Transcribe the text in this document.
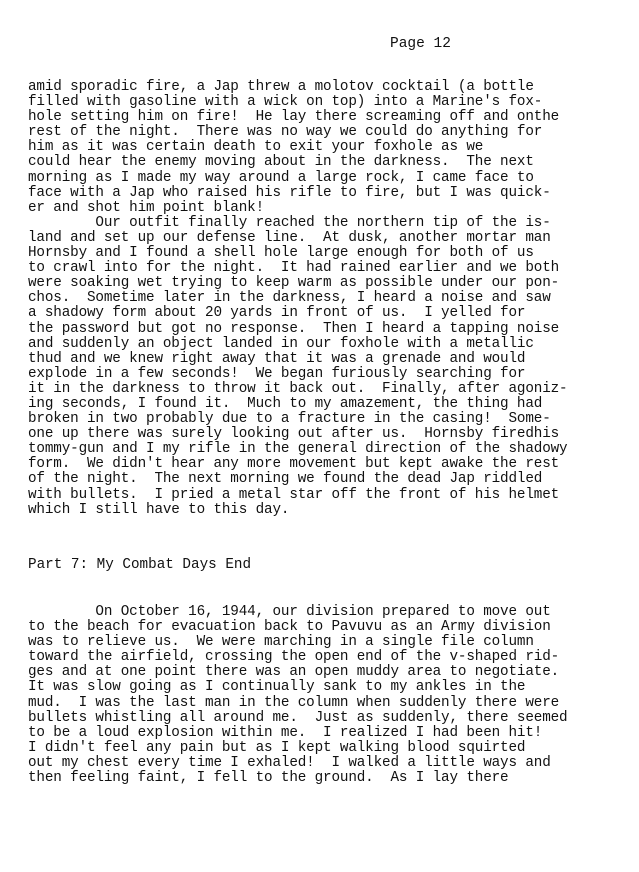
Page 12
amid sporadic fire, a Jap threw a molotov cocktail (a bottle
filled with gasoline with a wick on top) into a Marine's fox-
hole setting him on fire!  He lay there screaming off and onthe
rest of the night.  There was no way we could do anything for
him as it was certain death to exit your foxhole as we
could hear the enemy moving about in the darkness.  The next
morning as I made my way around a large rock, I came face to
face with a Jap who raised his rifle to fire, but I was quick-
er and shot him point blank!
Our outfit finally reached the northern tip of the is-
land and set up our defense line.  At dusk, another mortar man
Hornsby and I found a shell hole large enough for both of us
to crawl into for the night.  It had rained earlier and we both
were soaking wet trying to keep warm as possible under our pon-
chos.  Sometime later in the darkness, I heard a noise and saw
a shadowy form about 20 yards in front of us.  I yelled for
the password but got no response.  Then I heard a tapping noise
and suddenly an object landed in our foxhole with a metallic
thud and we knew right away that it was a grenade and would
explode in a few seconds!  We began furiously searching for
it in the darkness to throw it back out.  Finally, after agoniz-
ing seconds, I found it.  Much to my amazement, the thing had
broken in two probably due to a fracture in the casing!  Some-
one up there was surely looking out after us.  Hornsby firedhis
tommy-gun and I my rifle in the general direction of the shadowy
form.  We didn't hear any more movement but kept awake the rest
of the night.  The next morning we found the dead Jap riddled
with bullets.  I pried a metal star off the front of his helmet
which I still have to this day.
Part 7: My Combat Days End
On October 16, 1944, our division prepared to move out
to the beach for evacuation back to Pavuvu as an Army division
was to relieve us.  We were marching in a single file column
toward the airfield, crossing the open end of the v-shaped rid-
ges and at one point there was an open muddy area to negotiate.
It was slow going as I continually sank to my ankles in the
mud.  I was the last man in the column when suddenly there were
bullets whistling all around me.  Just as suddenly, there seemed
to be a loud explosion within me.  I realized I had been hit!
I didn't feel any pain but as I kept walking blood squirted
out my chest every time I exhaled!  I walked a little ways and
then feeling faint, I fell to the ground.  As I lay there
